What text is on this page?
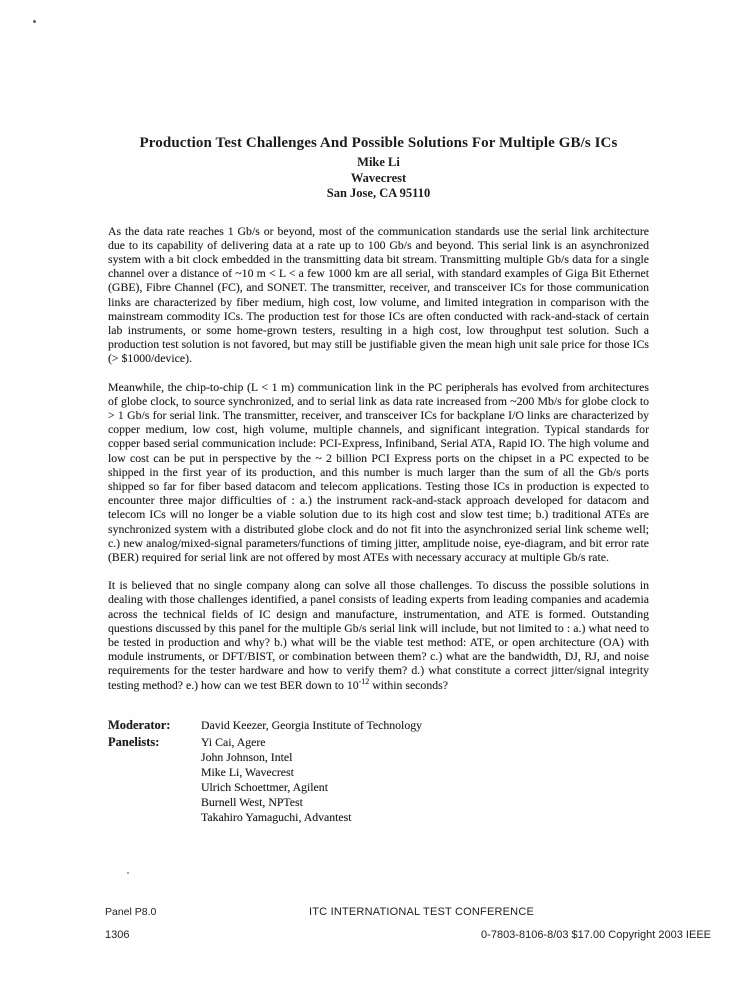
Production Test Challenges And Possible Solutions For Multiple GB/s ICs

Mike Li

Wavecrest

San Jose, CA 95110

As the data rate reaches 1 Gb/s or beyond, most of the communication standards use the serial link architecture due to its capability of delivering data at a rate up to 100 Gb/s and beyond. This serial link is an asynchronized system with a bit clock embedded in the transmitting data bit stream. Transmitting multiple Gb/s data for a single channel over a distance of ~10 m < L < a few 1000 km are all serial, with standard examples of Giga Bit Ethernet (GBE), Fibre Channel (FC), and SONET. The transmitter, receiver, and transceiver ICs for those communication links are characterized by fiber medium, high cost, low volume, and limited integration in comparison with the mainstream commodity ICs. The production test for those ICs are often conducted with rack-and-stack of certain lab instruments, or some home-grown testers, resulting in a high cost, low throughput test solution. Such a production test solution is not favored, but may still be justifiable given the mean high unit sale price for those ICs (> $1000/device).

Meanwhile, the chip-to-chip (L < 1 m) communication link in the PC peripherals has evolved from architectures of globe clock, to source synchronized, and to serial link as data rate increased from ~200 Mb/s for globe clock to > 1 Gb/s for serial link. The transmitter, receiver, and transceiver ICs for backplane I/O links are characterized by copper medium, low cost, high volume, multiple channels, and significant integration. Typical standards for copper based serial communication include: PCI-Express, Infiniband, Serial ATA, Rapid IO. The high volume and low cost can be put in perspective by the ~ 2 billion PCI Express ports on the chipset in a PC expected to be shipped in the first year of its production, and this number is much larger than the sum of all the Gb/s ports shipped so far for fiber based datacom and telecom applications. Testing those ICs in production is expected to encounter three major difficulties of : a.) the instrument rack-and-stack approach developed for datacom and telecom ICs will no longer be a viable solution due to its high cost and slow test time; b.) traditional ATEs are synchronized system with a distributed globe clock and do not fit into the asynchronized serial link scheme well; c.) new analog/mixed-signal parameters/functions of timing jitter, amplitude noise, eye-diagram, and bit error rate (BER) required for serial link are not offered by most ATEs with necessary accuracy at multiple Gb/s rate.

It is believed that no single company along can solve all those challenges. To discuss the possible solutions in dealing with those challenges identified, a panel consists of leading experts from leading companies and academia across the technical fields of IC design and manufacture, instrumentation, and ATE is formed. Outstanding questions discussed by this panel for the multiple Gb/s serial link will include, but not limited to : a.) what need to be tested in production and why? b.) what will be the viable test method: ATE, or open architecture (OA) with module instruments, or DFT/BIST, or combination between them? c.) what are the bandwidth, DJ, RJ, and noise requirements for the tester hardware and how to verify them? d.) what constitute a correct jitter/signal integrity testing method? e.) how can we test BER down to $10^{-12}$ within seconds?

Moderator:	David Keezer, Georgia Institute of Technology
Panelists:	Yi Cai, Agere
John Johnson, Intel
Mike Li, Wavecrest
Ulrich Schoettmer, Agilent
Burnell West, NPTest
Takahiro Yamaguchi, Advantest
Panel P8.0	ITC INTERNATIONAL TEST CONFERENCE
1306	0-7803-8106-8/03 $17.00 Copyright 2003 IEEE
